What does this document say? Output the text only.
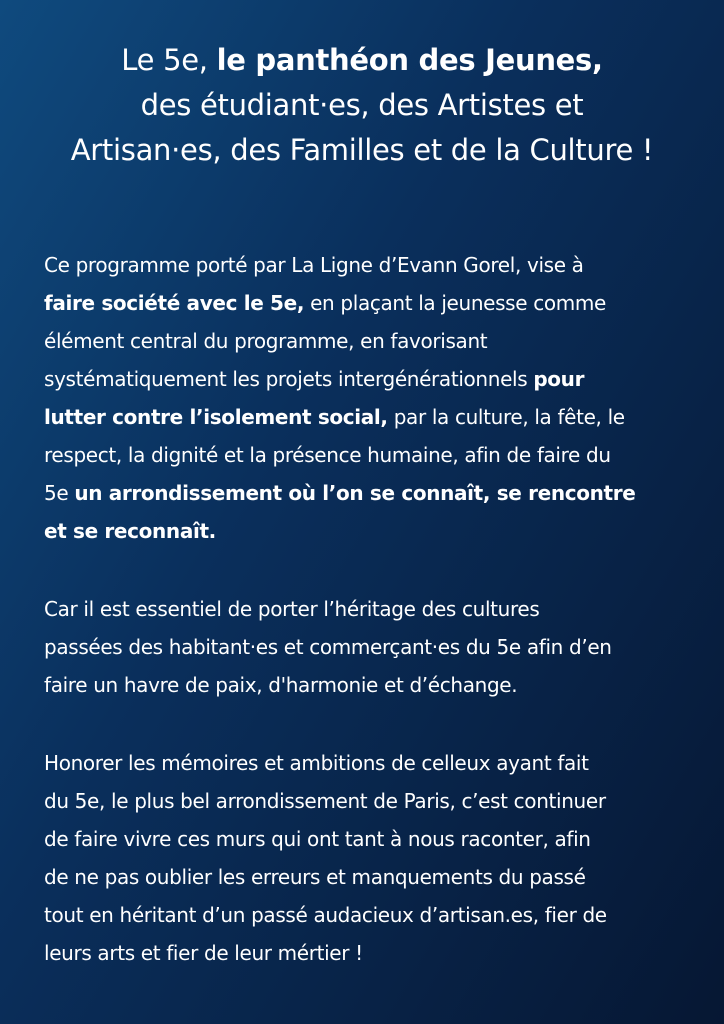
Le 5e, le panthéon des Jeunes,
des étudiant·es, des Artistes et
Artisan·es, des Familles et de la Culture !
Ce programme porté par La Ligne d’Evann Gorel, vise à
faire société avec le 5e, en plaçant la jeunesse comme
élément central du programme, en favorisant
systématiquement les projets intergénérationnels pour
lutter contre l’isolement social, par la culture, la fête, le
respect, la dignité et la présence humaine, afin de faire du
5e un arrondissement où l’on se connaît, se rencontre
et se reconnaît.
Car il est essentiel de porter l’héritage des cultures
passées des habitant·es et commerçant·es du 5e afin d’en
faire un havre de paix, d'harmonie et d’échange.
Honorer les mémoires et ambitions de celleux ayant fait
du 5e, le plus bel arrondissement de Paris, c’est continuer
de faire vivre ces murs qui ont tant à nous raconter, afin
de ne pas oublier les erreurs et manquements du passé
tout en héritant d’un passé audacieux d’artisan.es, fier de
leurs arts et fier de leur mértier !
